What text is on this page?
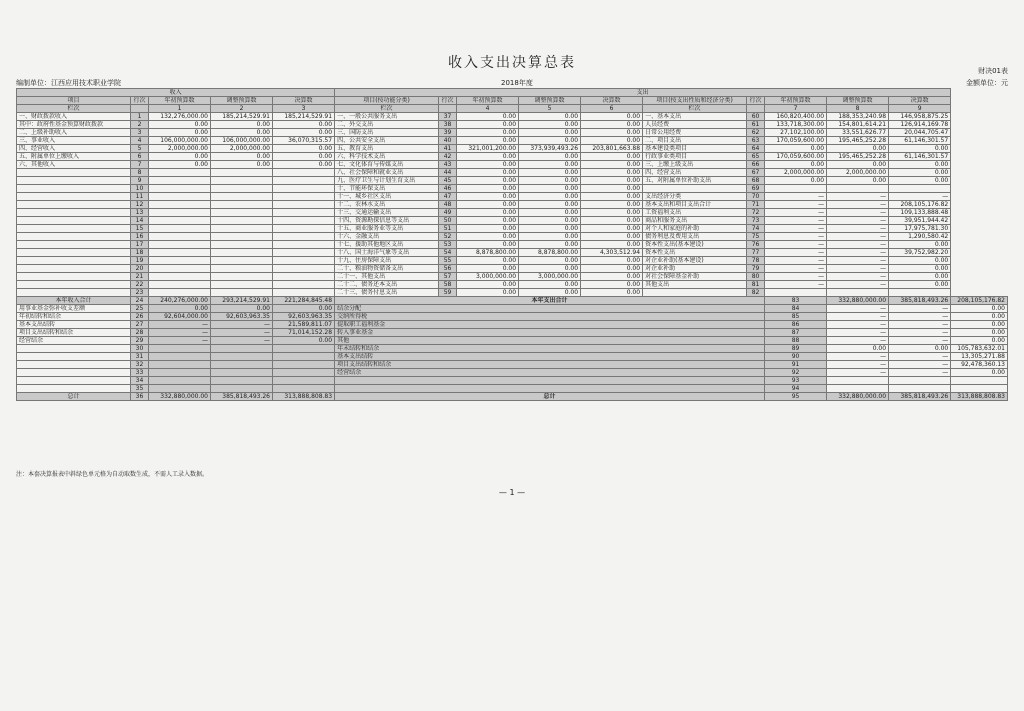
收入支出决算总表	财决01表
编制单位：江西应用技术职业学院	2018年度	金额单位：元
收入					支出										
项目	行次	年初预算数	调整预算数	决算数	项目(按功能分类)	行次	年初预算数	调整预算数	决算数	项目(按支出性质和经济分类)	行次	年初预算数	调整预算数	决算数	
栏次		1	2	3	栏次		4	5	6	栏次		7	8	9	
一、财政拨款收入	1	132,276,000.00	185,214,529.91	185,214,529.91	一、一般公共服务支出	37	0.00	0.00	0.00	一、基本支出	60	160,820,400.00	188,353,240.98	146,958,875.25	
其中：政府性基金预算财政拨款	2	0.00	0.00	0.00	二、外交支出	38	0.00	0.00	0.00	人员经费	61	133,718,300.00	154,801,614.21	126,914,169.78	
二、上级补助收入	3	0.00	0.00	0.00	三、国防支出	39	0.00	0.00	0.00	日常公用经费	62	27,102,100.00	33,551,626.77	20,044,705.47	
三、事业收入	4	106,000,000.00	106,000,000.00	36,070,315.57	四、公共安全支出	40	0.00	0.00	0.00	二、项目支出	63	170,059,600.00	195,465,252.28	61,146,301.57	
四、经营收入	5	2,000,000.00	2,000,000.00	0.00	五、教育支出	41	321,001,200.00	373,939,493.26	203,801,663.88	基本建设类项目	64	0.00	0.00	0.00	
五、附属单位上缴收入	6	0.00	0.00	0.00	六、科学技术支出	42	0.00	0.00	0.00	行政事业类项目	65	170,059,600.00	195,465,252.28	61,146,301.57	
六、其他收入	7	0.00	0.00	0.00	七、文化体育与传媒支出	43	0.00	0.00	0.00	三、上缴上级支出	66	0.00	0.00	0.00	
	8				八、社会保障和就业支出	44	0.00	0.00	0.00	四、经营支出	67	2,000,000.00	2,000,000.00	0.00	
	9				九、医疗卫生与计划生育支出	45	0.00	0.00	0.00	五、对附属单位补助支出	68	0.00	0.00	0.00	
	10				十、节能环保支出	46	0.00	0.00	0.00		69				
	11				十一、城乡社区支出	47	0.00	0.00	0.00	支出经济分类	70	—	—	—	
	12				十二、农林水支出	48	0.00	0.00	0.00	基本支出和项目支出合计	71	—	—	208,105,176.82	
	13				十三、交通运输支出	49	0.00	0.00	0.00	工资福利支出	72	—	—	109,133,888.48	
	14				十四、资源勘探信息等支出	50	0.00	0.00	0.00	商品和服务支出	73	—	—	39,951,944.42	
	15				十五、商业服务业等支出	51	0.00	0.00	0.00	对个人和家庭的补助	74	—	—	17,975,781.30	
	16				十六、金融支出	52	0.00	0.00	0.00	债务利息及费用支出	75	—	—	1,290,580.42	
	17				十七、援助其他地区支出	53	0.00	0.00	0.00	资本性支出(基本建设)	76	—	—	0.00	
	18				十八、国土海洋气象等支出	54	8,878,800.00	8,878,800.00	4,303,512.94	资本性支出	77	—	—	39,752,982.20	
	19				十九、住房保障支出	55	0.00	0.00	0.00	对企业补助(基本建设)	78	—	—	0.00	
	20				二十、粮油物资储备支出	56	0.00	0.00	0.00	对企业补助	79	—	—	0.00	
	21				二十一、其他支出	57	3,000,000.00	3,000,000.00	0.00	对社会保障基金补助	80	—	—	0.00	
	22				二十二、债务还本支出	58	0.00	0.00	0.00	其他支出	81	—	—	0.00	
	23				二十三、债务付息支出	59	0.00	0.00	0.00		82				
本年收入合计	24	240,276,000.00	293,214,529.91	221,284,845.48	本年支出合计							83	332,880,000.00	385,818,493.26	208,105,176.82
用事业基金弥补收支差额	25	0.00	0.00	0.00	结余分配							84	—	—	0.00
年初结转和结余	26	92,604,000.00	92,603,963.35	92,603,963.35	交纳所得税							85	—	—	0.00
基本支出结转	27	—	—	21,589,811.07	提取职工福利基金							86	—	—	0.00
项目支出结转和结余	28	—	—	71,014,152.28	转入事业基金							87	—	—	0.00
经营结余	29	—	—	0.00	其他							88	—	—	0.00
	30				年末结转和结余							89	0.00	0.00	105,783,632.01
	31				基本支出结转							90	—	—	13,305,271.88
	32				项目支出结转和结余							91	—	—	92,478,360.13
	33				经营结余							92	—	—	0.00
	34											93			
	35											94			
总计	36	332,880,000.00	385,818,493.26	313,888,808.83	总计							95	332,880,000.00	385,818,493.26	313,888,808.83
注：本套决算报表中斜绿色单元格为自动取数生成，不需人工录入数据。
— 1 —
